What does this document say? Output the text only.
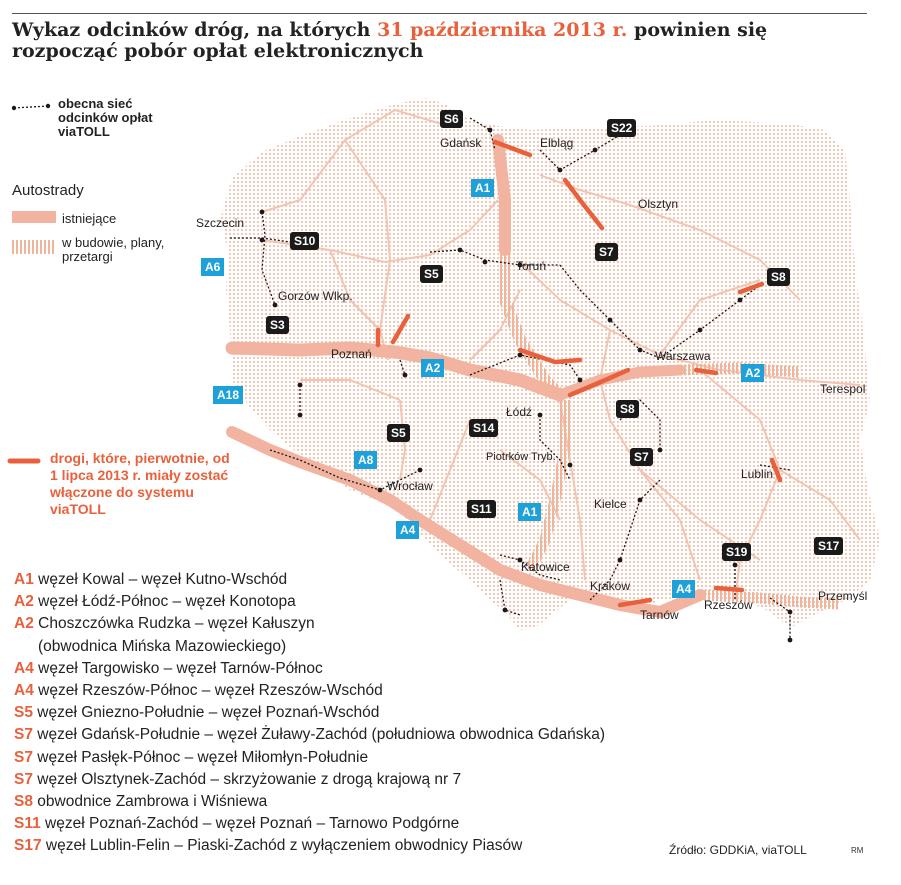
Wykaz odcinków dróg, na których 31 października 2013 r. powinien się rozpocząć pobór opłat elektronicznych
obecna sieć odcinków opłat viaTOLL
Autostrady
istniejące
w budowie, plany, przetargi
drogi, które, pierwotnie, od 1 lipca 2013 r. miały zostać włączone do systemu viaTOLL
Gdańsk	Elbląg
Olsztyn
Szczecin
Toruń
Gorzów Wlkp.
Poznań	Warszawa
Terespol
Łódź
Piotrków Tryb.
Lublin
Wrocław
Kielce
Katowice
Kraków
Tarnów
Rzeszów
Przemyśl
S6
S22
A1
S10
A6	S5
S7
S8
S3
A2	A2
A18
S14
S8
S5
A8	S7
S11	A1
A4
S19	S17
A4
A1 węzeł Kowal – węzeł Kutno-Wschód
A2 węzeł Łódź-Północ – węzeł Konotopa
A2 Choszczówka Rudzka – węzeł Kałuszyn
(obwodnica Mińska Mazowieckiego)
A4 węzeł Targowisko – węzeł Tarnów-Północ
A4 węzeł Rzeszów-Północ – węzeł Rzeszów-Wschód
S5 węzeł Gniezno-Południe – węzeł Poznań-Wschód
S7 węzeł Gdańsk-Południe – węzeł Żuławy-Zachód (południowa obwodnica Gdańska)
S7 węzeł Pasłęk-Północ – węzeł Miłomłyn-Południe
S7 węzeł Olsztynek-Zachód – skrzyżowanie z drogą krajową nr 7
S8 obwodnice Zambrowa i Wiśniewa
S11 węzeł Poznań-Zachód – węzeł Poznań – Tarnowo Podgórne
S17 węzeł Lublin-Felin – Piaski-Zachód z wyłączeniem obwodnicy Piasów	Źródło: GDDKiA, viaTOLL	RM
